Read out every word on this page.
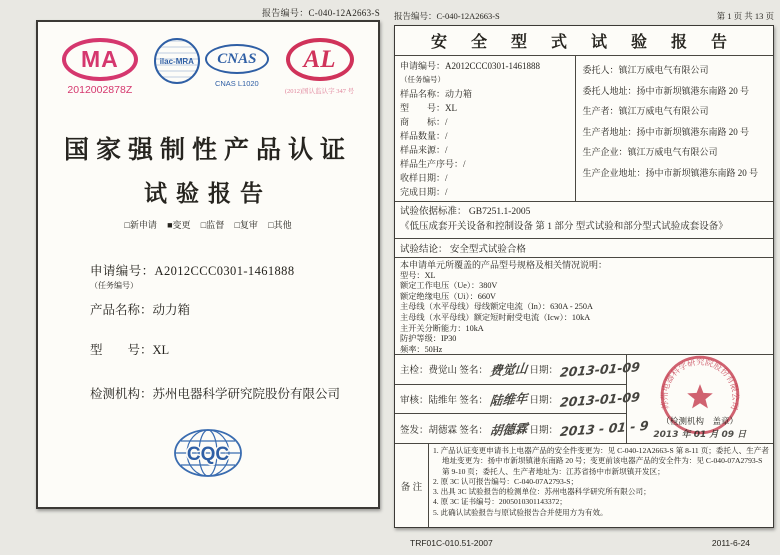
报告编号：C-040-12A2663-S
MA
2012002878Z
ilac-MRA	CNAS
CNAS L1020
AL
(2012)国认监认字 347 号
国家强制性产品认证
试验报告
□新申请 ■变更 □监督 □复审 □其他
申请编号：A2012CCC0301-1461888
（任务编号）
产品名称：动力箱
型　　号：XL
检测机构：苏州电器科学研究院股份有限公司
CQC
报告编号：C-040-12A2663-S	第 1 页 共 13 页
安 全 型 式 试 验 报 告
申请编号：A2012CCC0301-1461888
（任务编号）
样品名称：动力箱
型　　号：XL
商　　标：/
样品数量：/
样品来源：/
样品生产序号：/
收样日期：/
完成日期：/
委托人：镇江万威电气有限公司
委托人地址：扬中市新坝镇港东南路 20 号
生产者：镇江万威电气有限公司
生产者地址：扬中市新坝镇港东南路 20 号
生产企业：镇江万威电气有限公司
生产企业地址：扬中市新坝镇港东南路 20 号
试验依据标准： GB7251.1-2005
《低压成套开关设备和控制设备 第 1 部分 型式试验和部分型式试验成套设备》
试验结论： 安全型式试验合格
本申请单元所覆盖的产品型号规格及相关情况说明：
型号：XL
额定工作电压（Ue）：380V
额定绝缘电压（Ui）：660V
主母线（水平母线）母线额定电流（In）：630A - 250A
主母线（水平母线）额定短时耐受电流（Icw）：10kA
主开关分断能力：10kA
防护等级：IP30
频率：50Hz
主检： 费觉山
签名： 费觉山 日期： 2013-01-09
审核： 陆维年
签名： 陆维年 日期： 2013-01-09
签发： 胡德霖
签名： 胡德霖 日期： 2013 - 01 - 9
苏州电器科学研究院股份有限公司
（检测机构　盖章）
2013 年 01 月 09 日
备 注
1. 产品认证变更申请书上电器产品的安全件变更为：见 C-040-12A2663-S 第 8-11 页；委托人、生产者地址变更为：扬中市新坝镇港东南路 20 号；变更前该电器产品的安全件为：见 C-040-07A2793-S 第 9-10 页；委托人、生产者地址为：江苏省扬中市新坝镇开发区；
2. 原 3C 认可报告编号：C-040-07A2793-S；
3. 出具 3C 试验报告的检测单位：苏州电器科学研究所有限公司；
4. 原 3C 证书编号：2005010301143372；
5. 此确认试验报告与原试验报告合并使用方为有效。
TRF01C-010.51-2007	2011-6-24
